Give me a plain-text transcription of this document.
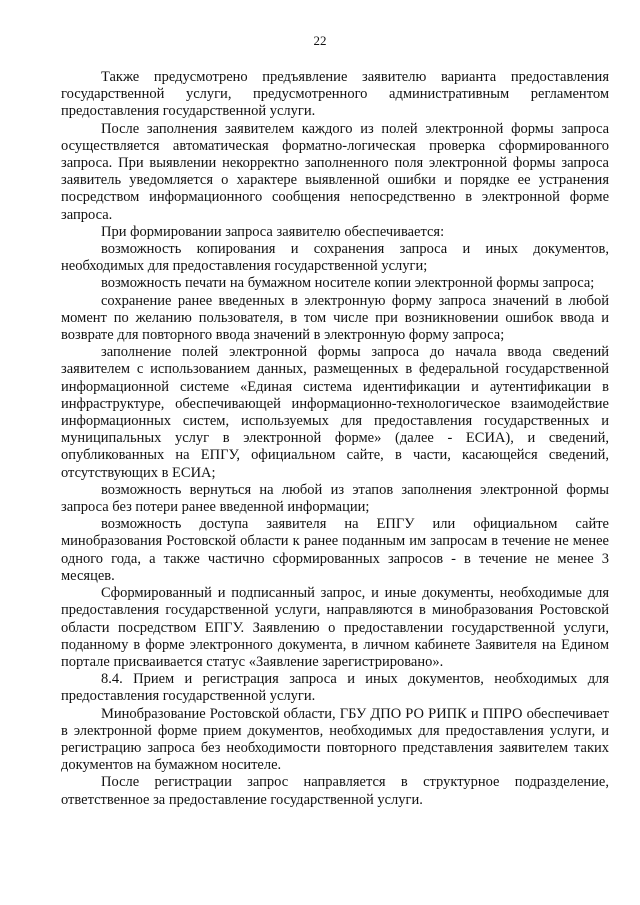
22

Также предусмотрено предъявление заявителю варианта предоставления государственной услуги, предусмотренного административным регламентом предоставления государственной услуги.

После заполнения заявителем каждого из полей электронной формы запроса осуществляется автоматическая форматно-логическая проверка сформированного запроса. При выявлении некорректно заполненного поля электронной формы запроса заявитель уведомляется о характере выявленной ошибки и порядке ее устранения посредством информационного сообщения непосредственно в электронной форме запроса.

При формировании запроса заявителю обеспечивается:

возможность копирования и сохранения запроса и иных документов, необходимых для предоставления государственной услуги;

возможность печати на бумажном носителе копии электронной формы запроса;

сохранение ранее введенных в электронную форму запроса значений в любой момент по желанию пользователя, в том числе при возникновении ошибок ввода и возврате для повторного ввода значений в электронную форму запроса;

заполнение полей электронной формы запроса до начала ввода сведений заявителем с использованием данных, размещенных в федеральной государственной информационной системе «Единая система идентификации и аутентификации в инфраструктуре, обеспечивающей информационно-технологическое взаимодействие информационных систем, используемых для предоставления государственных и муниципальных услуг в электронной форме» (далее - ЕСИА), и сведений, опубликованных на ЕПГУ, официальном сайте, в части, касающейся сведений, отсутствующих в ЕСИА;

возможность вернуться на любой из этапов заполнения электронной формы запроса без потери ранее введенной информации;

возможность доступа заявителя на ЕПГУ или официальном сайте минобразования Ростовской области к ранее поданным им запросам в течение не менее одного года, а также частично сформированных запросов - в течение не менее 3 месяцев.

Сформированный и подписанный запрос, и иные документы, необходимые для предоставления государственной услуги, направляются в минобразования Ростовской области посредством ЕПГУ. Заявлению о предоставлении государственной услуги, поданному в форме электронного документа, в личном кабинете Заявителя на Едином портале присваивается статус «Заявление зарегистрировано».

8.4. Прием и регистрация запроса и иных документов, необходимых для предоставления государственной услуги.

Минобразование Ростовской области, ГБУ ДПО РО РИПК и ППРО обеспечивает в электронной форме прием документов, необходимых для предоставления услуги, и регистрацию запроса без необходимости повторного представления заявителем таких документов на бумажном носителе.

После регистрации запрос направляется в структурное подразделение, ответственное за предоставление государственной услуги.
